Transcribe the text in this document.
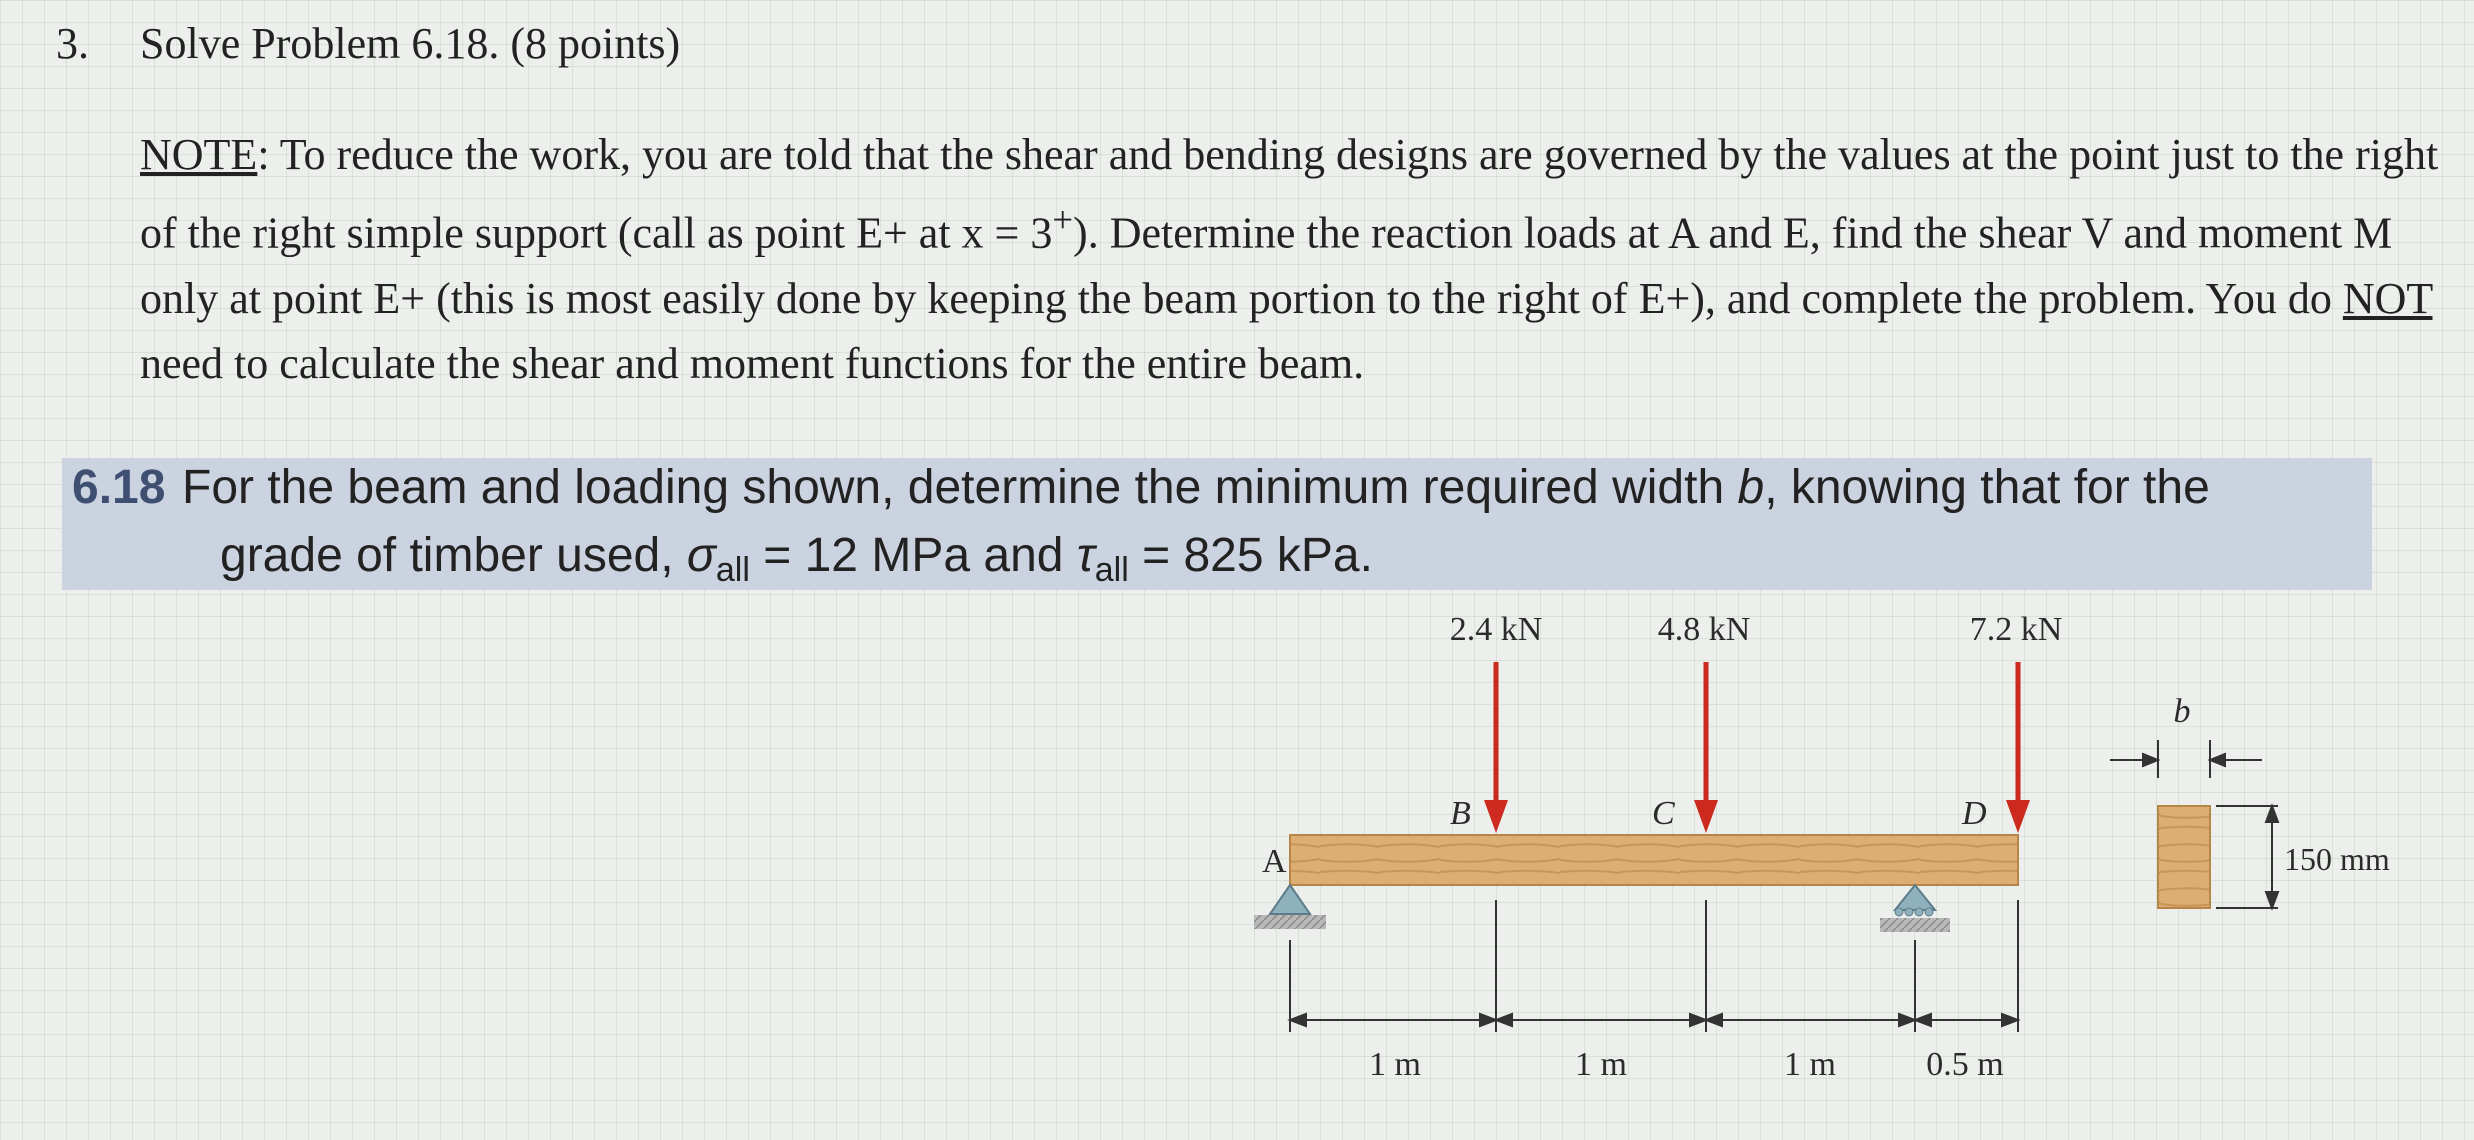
3. Solve Problem 6.18. (8 points)
NOTE: To reduce the work, you are told that the shear and bending designs are governed by the values at the point just to the right of the right simple support (call as point E+ at x = 3+). Determine the reaction loads at A and E, find the shear V and moment M only at point E+ (this is most easily done by keeping the beam portion to the right of E+), and complete the problem. You do NOT need to calculate the shear and moment functions for the entire beam.
6.18 For the beam and loading shown, determine the minimum required width b, knowing that for the
grade of timber used, $\sigma_{all} = 12$ MPa and $\tau_{all} = 825$ kPa.
2.4 kN	4.8 kN	7.2 kN
A
B	C	D
1 m	1 m	1 m	0.5 m
b
150 mm
